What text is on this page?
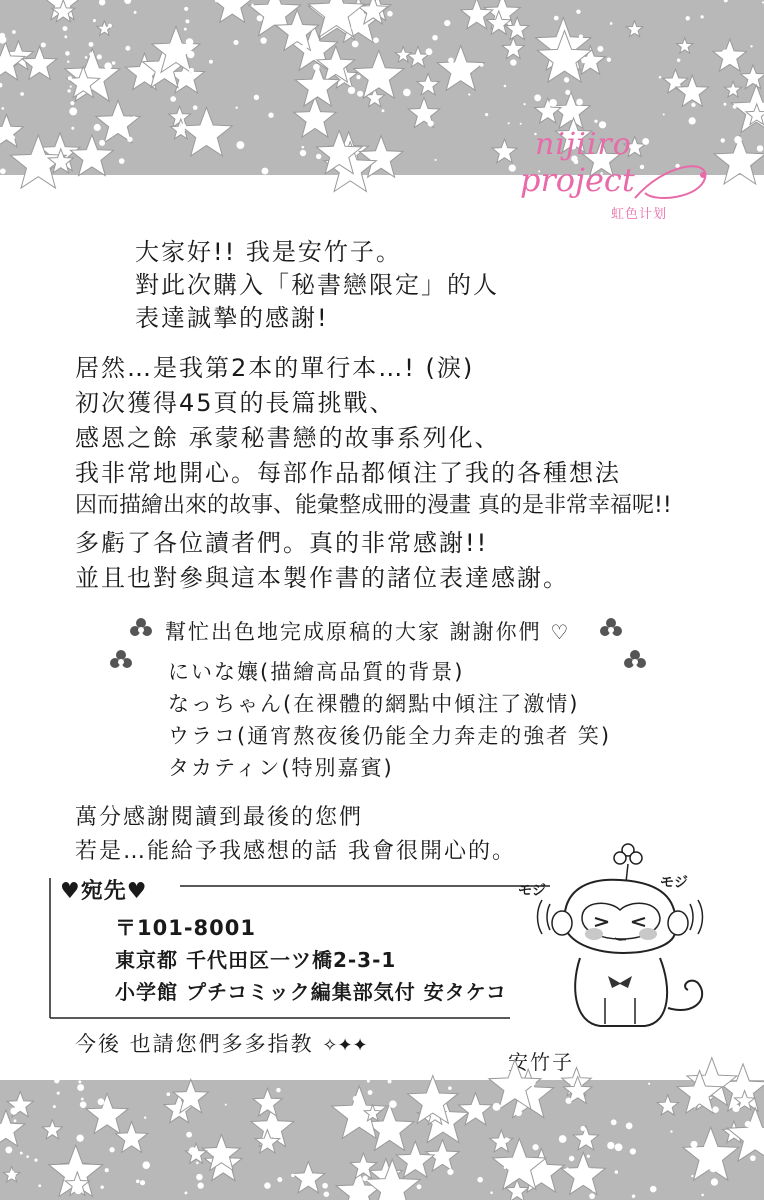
nijiiro
project
虹色计划
大家好!! 我是安竹子。
對此次購入「秘書戀限定」的人
表達誠摯的感謝!
居然…是我第2本的單行本…! (淚)
初次獲得45頁的長篇挑戰、
感恩之餘 承蒙秘書戀的故事系列化、
我非常地開心。每部作品都傾注了我的各種想法
因而描繪出來的故事、能彙整成冊的漫畫 真的是非常幸福呢!!
多虧了各位讀者們。真的非常感謝!!
並且也對參與這本製作書的諸位表達感謝。
幫忙出色地完成原稿的大家 謝謝你們 ♡
にいな孃(描繪高品質的背景)
なっちゃん(在裸體的網點中傾注了激情)
ウラコ(通宵熬夜後仍能全力奔走的強者 笑)
タカティン(特別嘉賓)
萬分感謝閱讀到最後的您們
若是…能給予我感想的話 我會很開心的。
♥宛先♥
〒101-8001
東京都 千代田区一ツ橋2-3-1
小学館 プチコミック編集部気付 安タケコ
モジ	モジ
今後 也請您們多多指教 ✧✦✦
安竹子
